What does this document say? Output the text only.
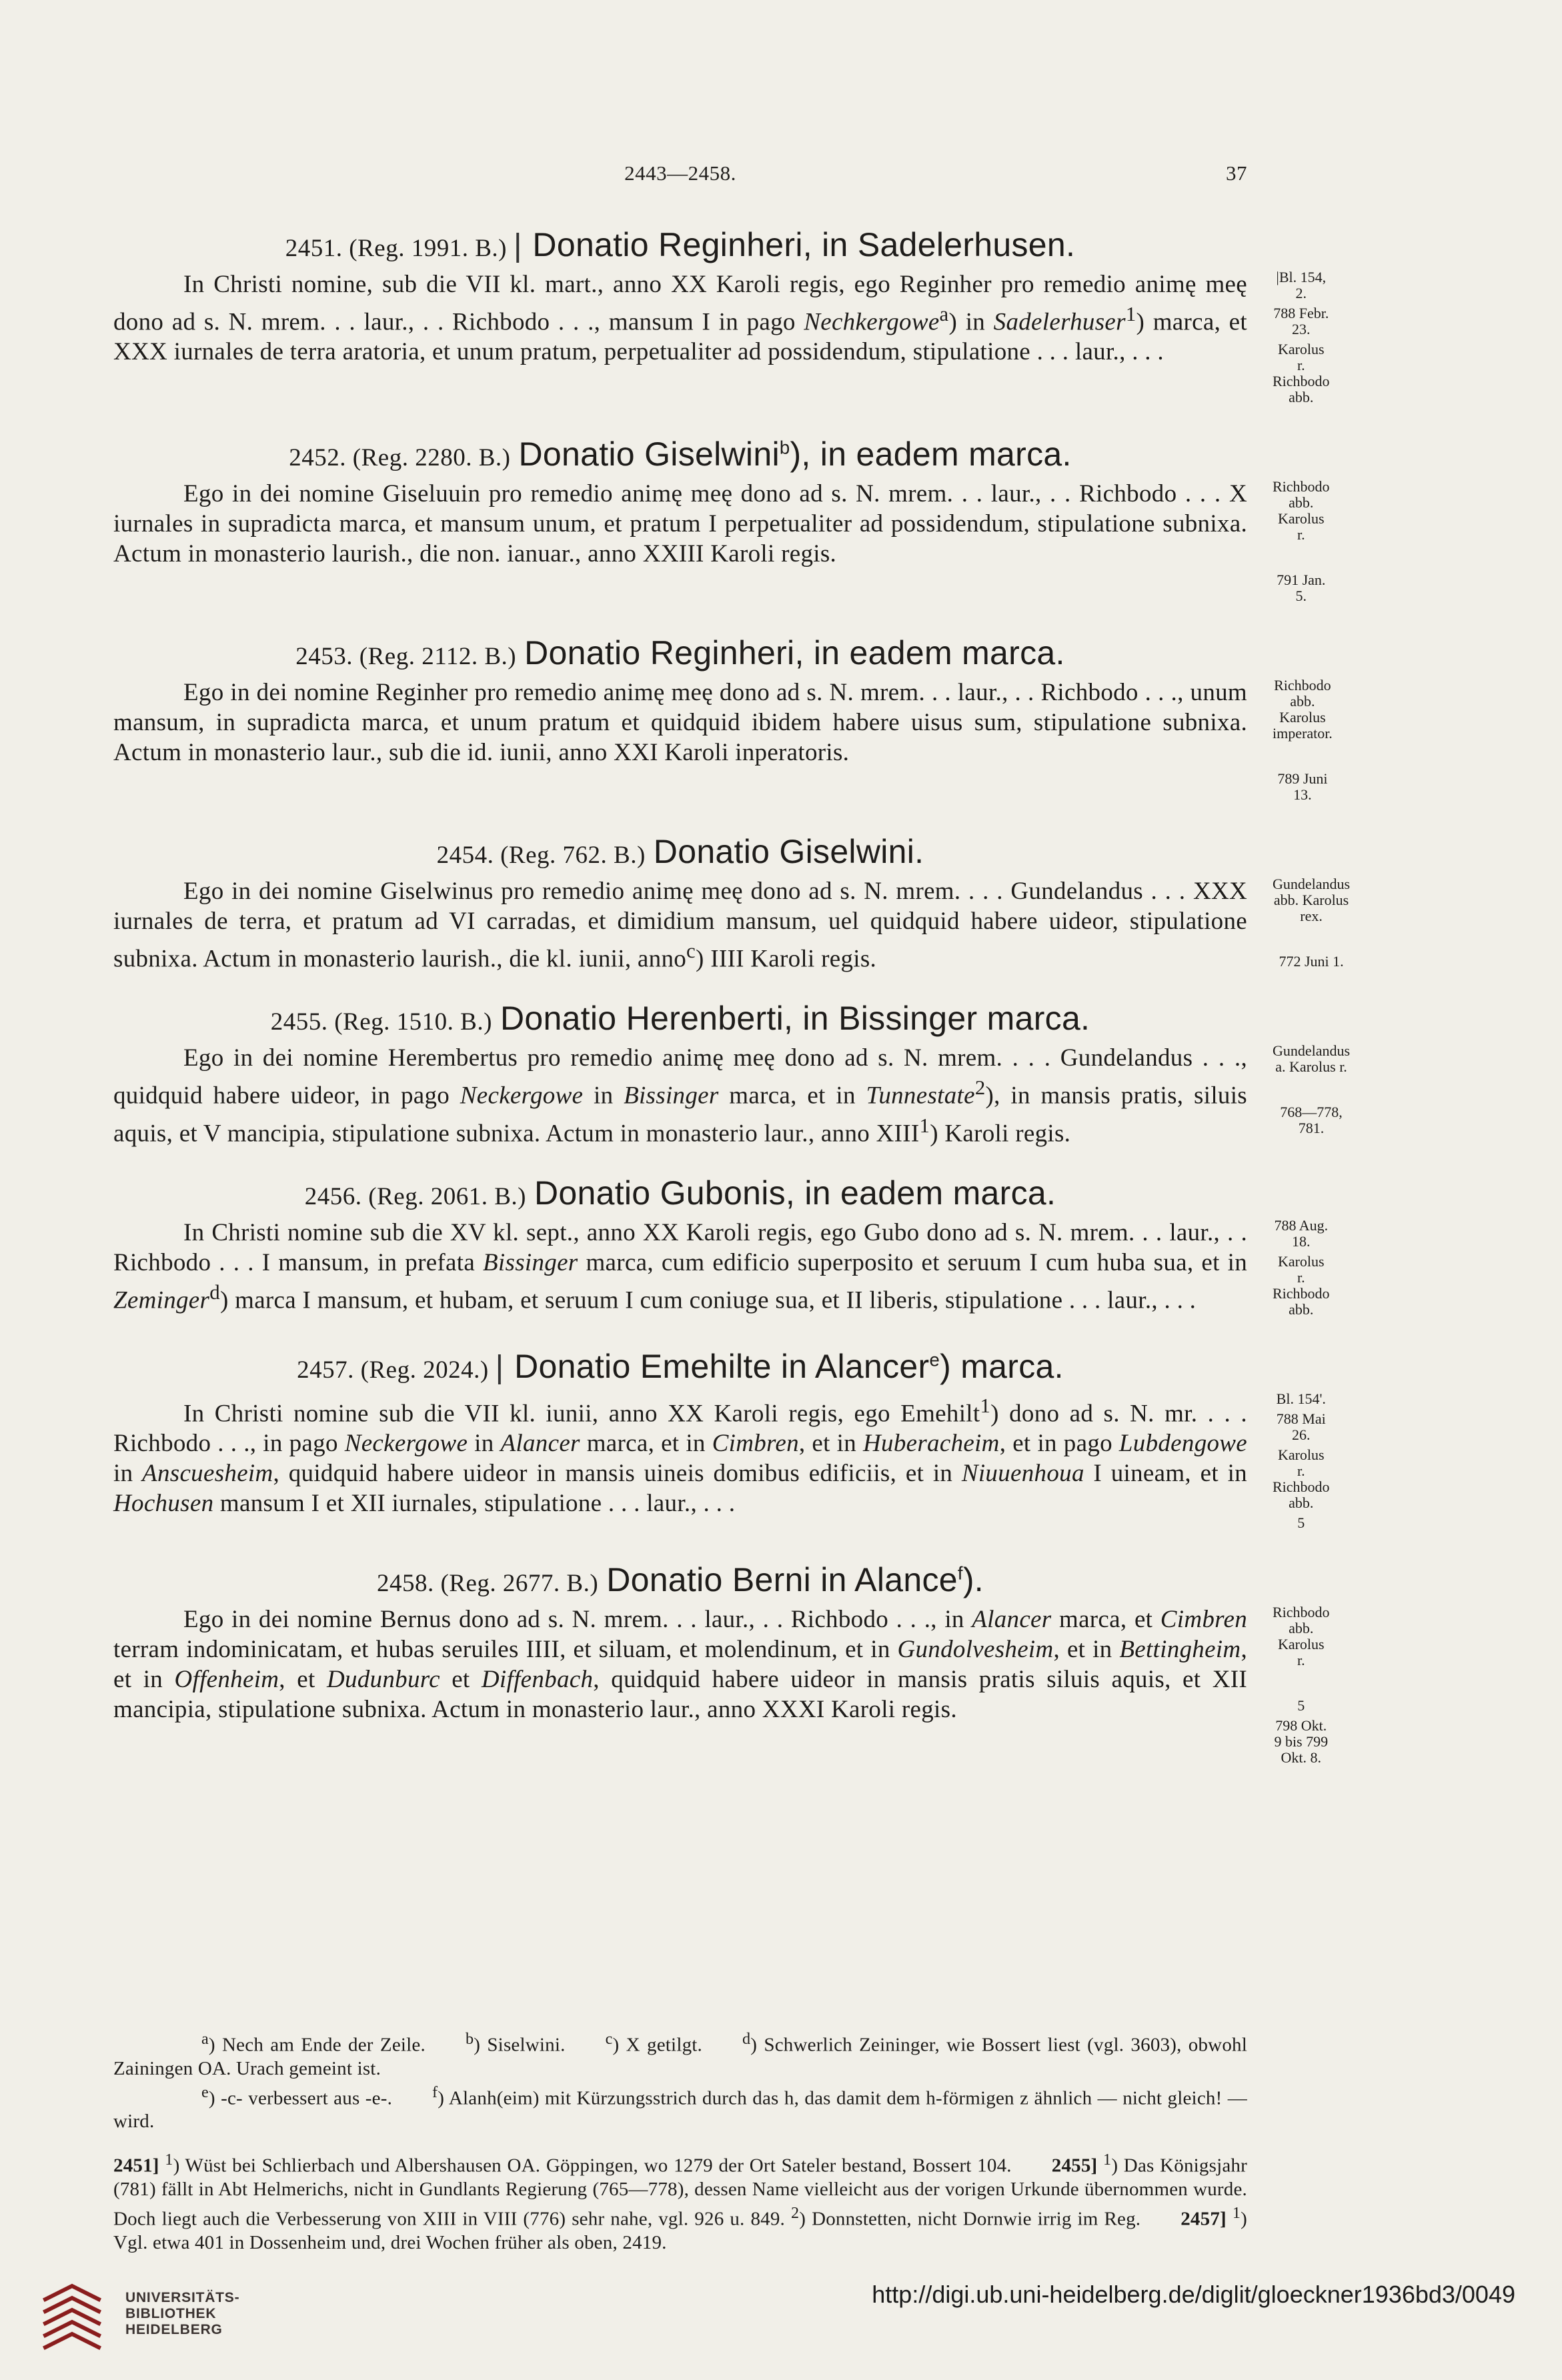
2443—2458.	37
2451. (Reg. 1991. B.) | Donatio Reginheri, in Sadelerhusen.
In Christi nomine, sub die VII kl. mart., anno XX Karoli regis, ego Reginher pro remedio animę meę dono ad s. N. mrem. . . laur., . . Richbodo . . ., mansum I in pago Nechkergowe$^a$) in Sadelerhuser$^1$) marca, et XXX iurnales de terra aratoria, et unum pratum, perpetualiter ad possidendum, stipulatione . . . laur., . . .
|Bl. 154, 2.
788 Febr. 23.
Karolus r. Richbodo abb.
2452. (Reg. 2280. B.) Donatio Giselwini$^b$), in eadem marca.
Ego in dei nomine Giseluuin pro remedio animę meę dono ad s. N. mrem. . . laur., . . Richbodo . . . X iurnales in supradicta marca, et mansum unum, et pratum I perpetualiter ad possidendum, stipulatione subnixa. Actum in monasterio laurish., die non. ianuar., anno XXIII Karoli regis.
Richbodo abb. Karolus r.
791 Jan. 5.
2453. (Reg. 2112. B.) Donatio Reginheri, in eadem marca.
Ego in dei nomine Reginher pro remedio animę meę dono ad s. N. mrem. . . laur., . . Richbodo . . ., unum mansum, in supradicta marca, et unum pratum et quidquid ibidem habere uisus sum, stipulatione subnixa. Actum in monasterio laur., sub die id. iunii, anno XXI Karoli inperatoris.
Richbodo abb. Karolus imperator.
789 Juni 13.
2454. (Reg. 762. B.) Donatio Giselwini.
Ego in dei nomine Giselwinus pro remedio animę meę dono ad s. N. mrem. . . . Gundelandus . . . XXX iurnales de terra, et pratum ad VI carradas, et dimidium mansum, uel quidquid habere uideor, stipulatione subnixa. Actum in monasterio laurish., die kl. iunii, anno$^c$) IIII Karoli regis.
Gundelandus abb. Karolus rex.
772 Juni 1.
2455. (Reg. 1510. B.) Donatio Herenberti, in Bissinger marca.
Ego in dei nomine Herembertus pro remedio animę meę dono ad s. N. mrem. . . . Gundelandus . . ., quidquid habere uideor, in pago Neckergowe in Bissinger marca, et in Tunnestate$^2$), in mansis pratis, siluis aquis, et V mancipia, stipulatione subnixa. Actum in monasterio laur., anno XIII$^1$) Karoli regis.
Gundelandus a. Karolus r.
768—778, 781.
2456. (Reg. 2061. B.) Donatio Gubonis, in eadem marca.
In Christi nomine sub die XV kl. sept., anno XX Karoli regis, ego Gubo dono ad s. N. mrem. . . laur., . . Richbodo . . . I mansum, in prefata Bissinger marca, cum edificio superposito et seruum I cum huba sua, et in Zeminger$^d$) marca I mansum, et hubam, et seruum I cum coniuge sua, et II liberis, stipulatione . . . laur., . . .
788 Aug. 18.
Karolus r. Richbodo abb.
2457. (Reg. 2024.) | Donatio Emehilte in Alancer$^e$) marca.
In Christi nomine sub die VII kl. iunii, anno XX Karoli regis, ego Emehilt$^1$) dono ad s. N. mr. . . . Richbodo . . ., in pago Neckergowe in Alancer marca, et in Cimbren, et in Huberacheim, et in pago Lubdengowe in Anscuesheim, quidquid habere uideor in mansis uineis domibus edificiis, et in Niuuenhoua I uineam, et in Hochusen mansum I et XII iurnales, stipulatione . . . laur., . . .
Bl. 154'.
788 Mai 26.
Karolus r. Richbodo abb.
5
2458. (Reg. 2677. B.) Donatio Berni in Alance$^f$).
Ego in dei nomine Bernus dono ad s. N. mrem. . . laur., . . Richbodo . . ., in Alancer marca, et Cimbren terram indominicatam, et hubas seruiles IIII, et siluam, et molendinum, et in Gundolvesheim, et in Bettingheim, et in Offenheim, et Dudunburc et Diffenbach, quidquid habere uideor in mansis pratis siluis aquis, et XII mancipia, stipulatione subnixa. Actum in monasterio laur., anno XXXI Karoli regis.
Richbodo abb. Karolus r.
5
798 Okt. 9 bis 799 Okt. 8.

$^a$) Nech am Ende der Zeile. $^b$) Siselwini. $^c$) X getilgt. $^d$) Schwerlich Zeininger, wie Bossert liest (vgl. 3603), obwohl Zainingen OA. Urach gemeint ist.

$^e$) -c- verbessert aus -e-. $^f$) Alanh(eim) mit Kürzungsstrich durch das h, das damit dem h-förmigen z ähnlich — nicht gleich! — wird.

2451] $^1$) Wüst bei Schlierbach und Albershausen OA. Göppingen, wo 1279 der Ort Sateler bestand, Bossert 104. 2455] $^1$) Das Königsjahr (781) fällt in Abt Helmerichs, nicht in Gundlants Regierung (765—778), dessen Name vielleicht aus der vorigen Urkunde übernommen wurde. Doch liegt auch die Verbesserung von XIII in VIII (776) sehr nahe, vgl. 926 u. 849. $^2$) Donnstetten, nicht Dornwie irrig im Reg. 2457] $^1$) Vgl. etwa 401 in Dossenheim und, drei Wochen früher als oben, 2419.

UNIVERSITÄTS-
BIBLIOTHEK
HEIDELBERG
http://digi.ub.uni-heidelberg.de/diglit/gloeckner1936bd3/0049
